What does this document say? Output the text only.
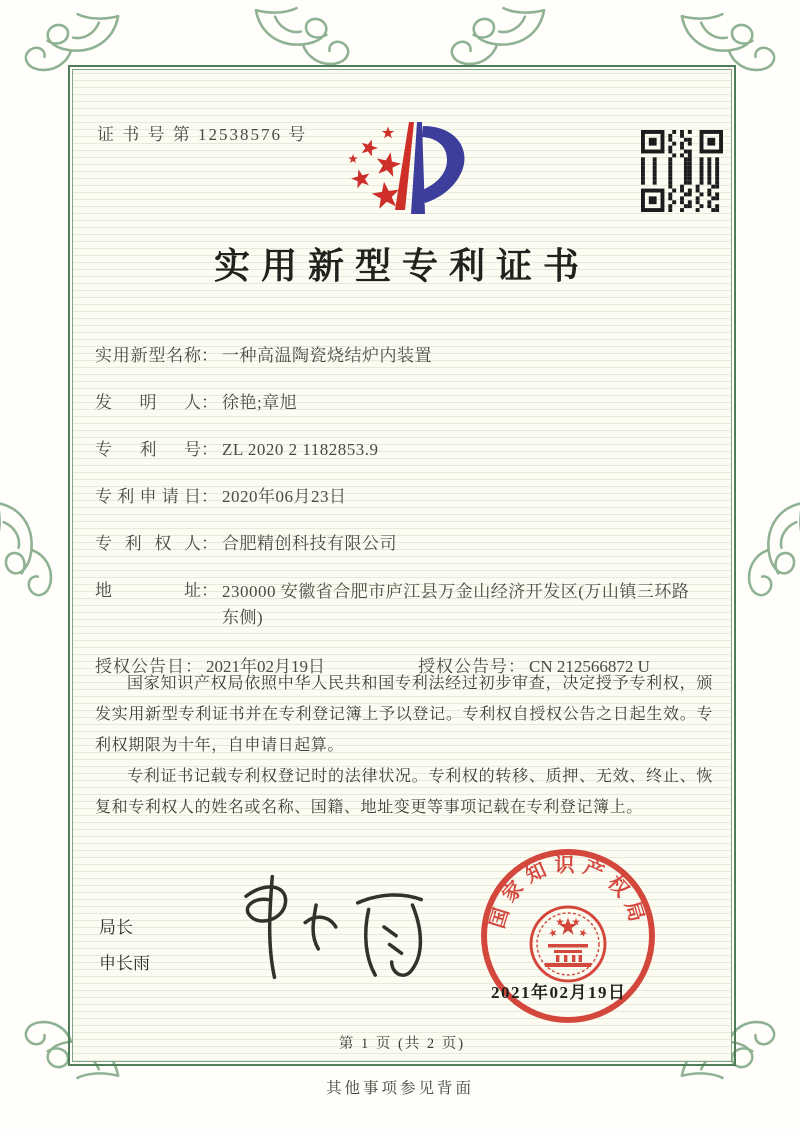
证 书 号 第 12538576 号
实用新型专利证书
实用新型名称： 一种高温陶瓷烧结炉内装置
发明人： 徐艳;章旭
专利号： ZL 2020 2 1182853.9
专利申请日： 2020年06月23日
专利权人： 合肥精创科技有限公司
地址： 230000 安徽省合肥市庐江县万金山经济开发区(万山镇三环路东侧)
授权公告日： 2021年02月19日	授权公告号： CN 212566872 U

国家知识产权局依照中华人民共和国专利法经过初步审查，决定授予专利权，颁发实用新型专利证书并在专利登记簿上予以登记。专利权自授权公告之日起生效。专利权期限为十年，自申请日起算。

专利证书记载专利权登记时的法律状况。专利权的转移、质押、无效、终止、恢复和专利权人的姓名或名称、国籍、地址变更等事项记载在专利登记簿上。

局长
申长雨
国家知识产权局
2021年02月19日
第 1 页 (共 2 页)
其他事项参见背面
